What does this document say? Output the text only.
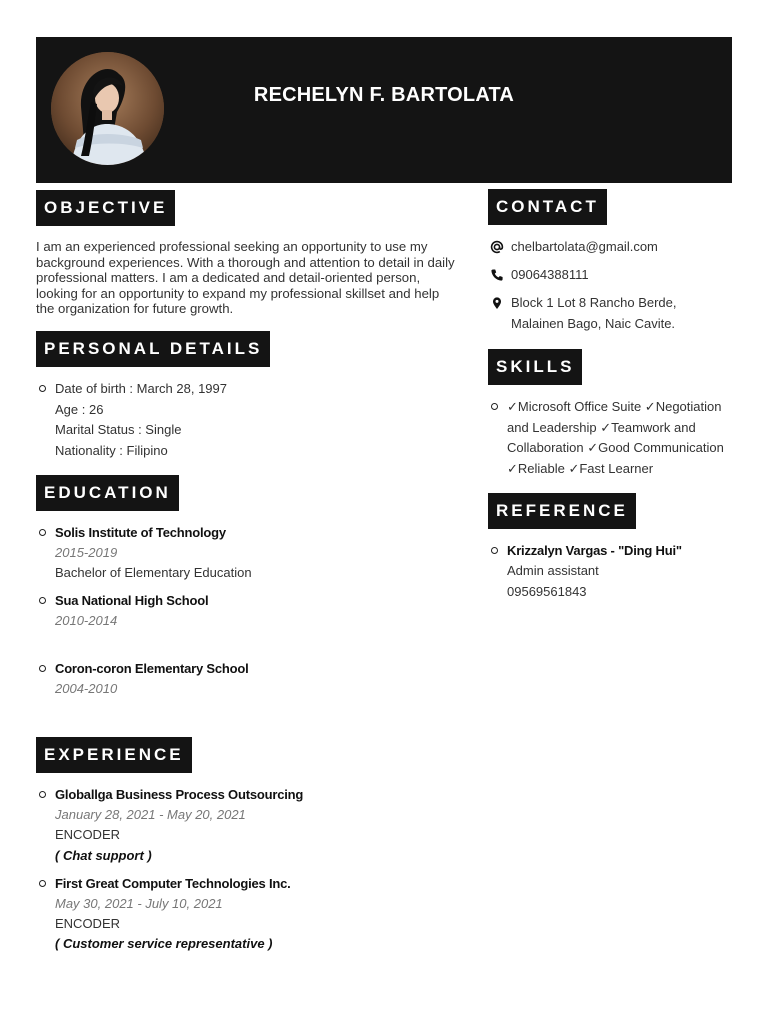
RECHELYN F. BARTOLATA
OBJECTIVE
I am an experienced professional seeking an opportunity to use my
background experiences. With a thorough and attention to detail in daily
professional matters. I am a dedicated and detail-oriented person,
looking for an opportunity to expand my professional skillset and help
the organization for future growth.
PERSONAL DETAILS
Date of birth : March 28, 1997
Age : 26
Marital Status : Single
Nationality : Filipino
EDUCATION
Solis Institute of Technology
2015-2019
Bachelor of Elementary Education
Sua National High School
2010-2014
Coron-coron Elementary School
2004-2010
EXPERIENCE
Globallga Business Process Outsourcing
January 28, 2021 - May 20, 2021
ENCODER
( Chat support )
First Great Computer Technologies Inc.
May 30, 2021 - July 10, 2021
ENCODER
( Customer service representative )
CONTACT
chelbartolata@gmail.com
09064388111
Block 1 Lot 8 Rancho Berde,
Malainen Bago, Naic Cavite.
SKILLS
✓Microsoft Office Suite ✓Negotiation
and Leadership ✓Teamwork and
Collaboration ✓Good Communication
✓Reliable ✓Fast Learner
REFERENCE
Krizzalyn Vargas - "Ding Hui"
Admin assistant
09569561843
